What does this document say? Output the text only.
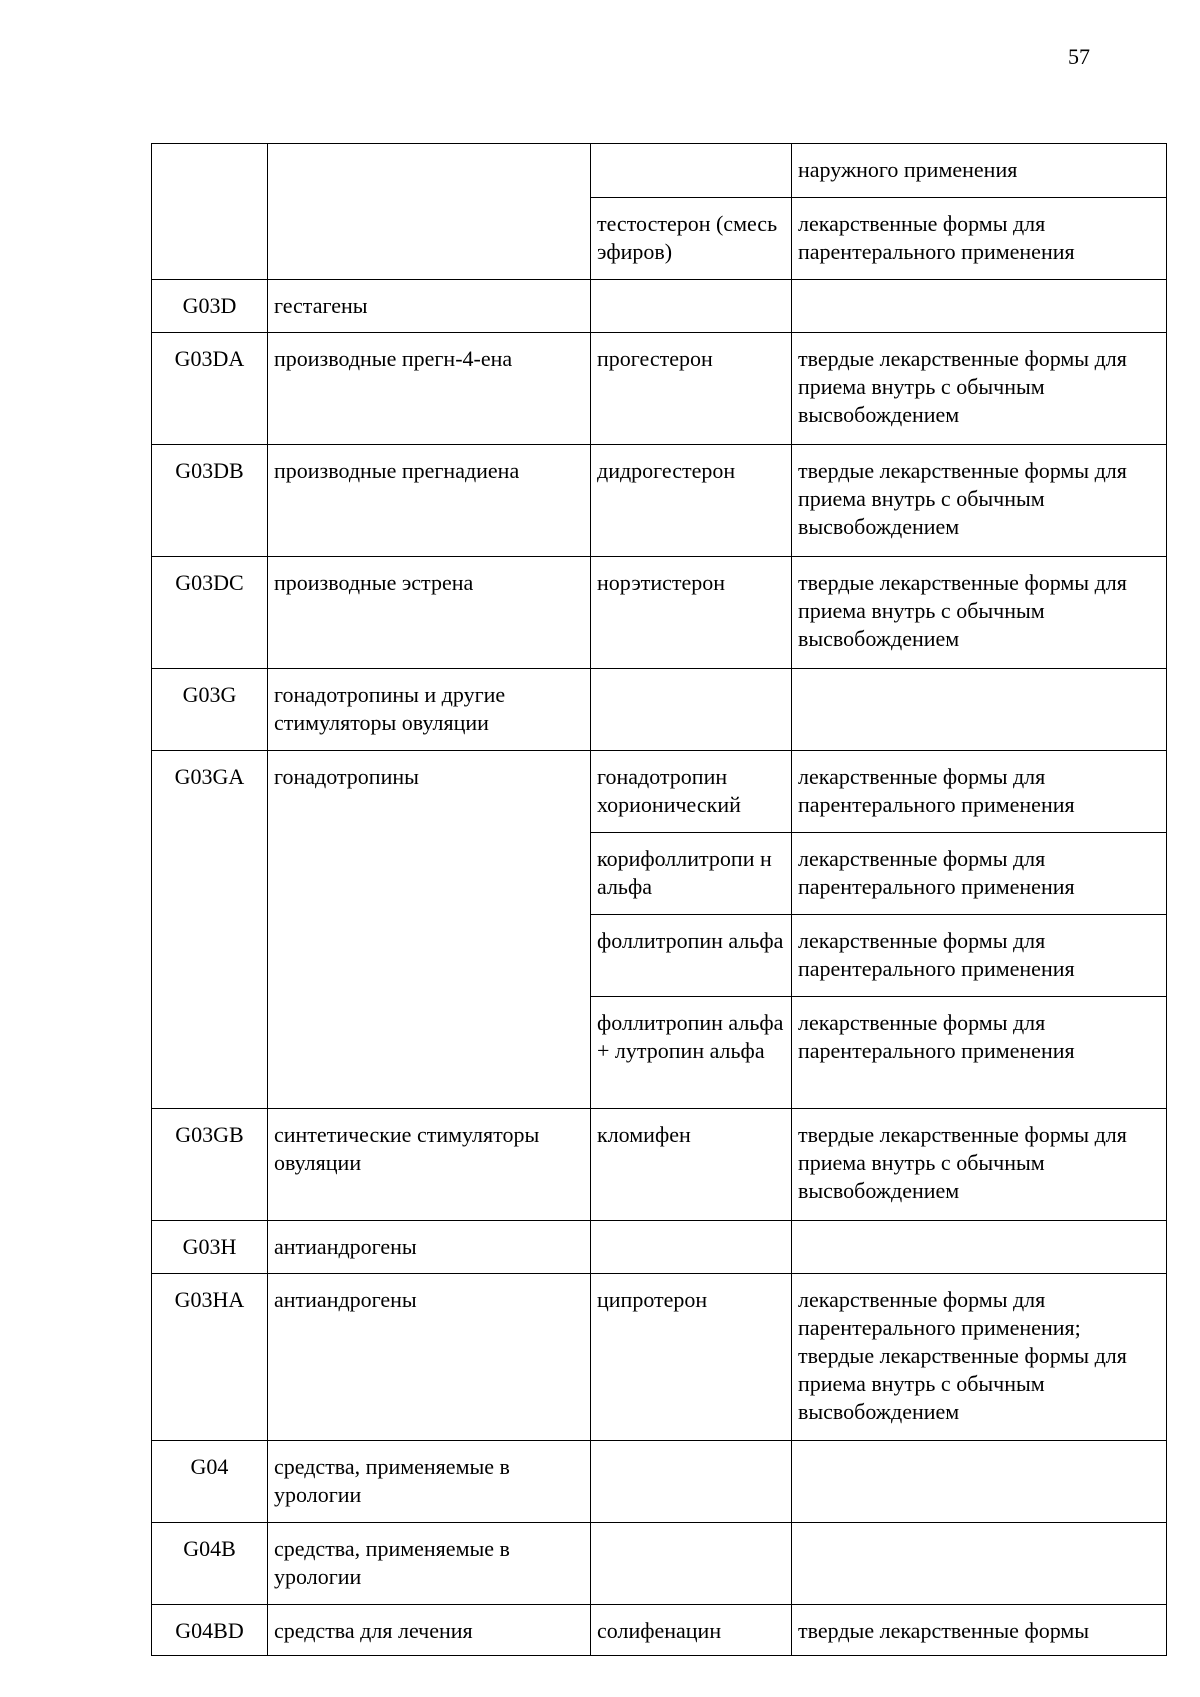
57
			наружного применения
		тестостерон (смесь эфиров)	лекарственные формы для парентерального применения
G03D	гестагены		
G03DA	производные прегн-4-ена	прогестерон	твердые лекарственные формы для приема внутрь с обычным высвобождением
G03DB	производные прегнадиена	дидрогестерон	твердые лекарственные формы для приема внутрь с обычным высвобождением
G03DC	производные эстрена	норэтистерон	твердые лекарственные формы для приема внутрь с обычным высвобождением
G03G	гонадотропины и другие стимуляторы овуляции		
G03GA	гонадотропины	гонадотропин хорионический	лекарственные формы для парентерального применения
		корифоллитропи н альфа	лекарственные формы для парентерального применения
		фоллитропин альфа	лекарственные формы для парентерального применения
		фоллитропин альфа + лутропин альфа	лекарственные формы для парентерального применения
G03GB	синтетические стимуляторы овуляции	кломифен	твердые лекарственные формы для приема внутрь с обычным высвобождением
G03H	антиандрогены		
G03HA	антиандрогены	ципротерон	лекарственные формы для парентерального применения; твердые лекарственные формы для приема внутрь с обычным высвобождением
G04	средства, применяемые в урологии		
G04B	средства, применяемые в урологии		
G04BD	средства для лечения	солифенацин	твердые лекарственные формы
